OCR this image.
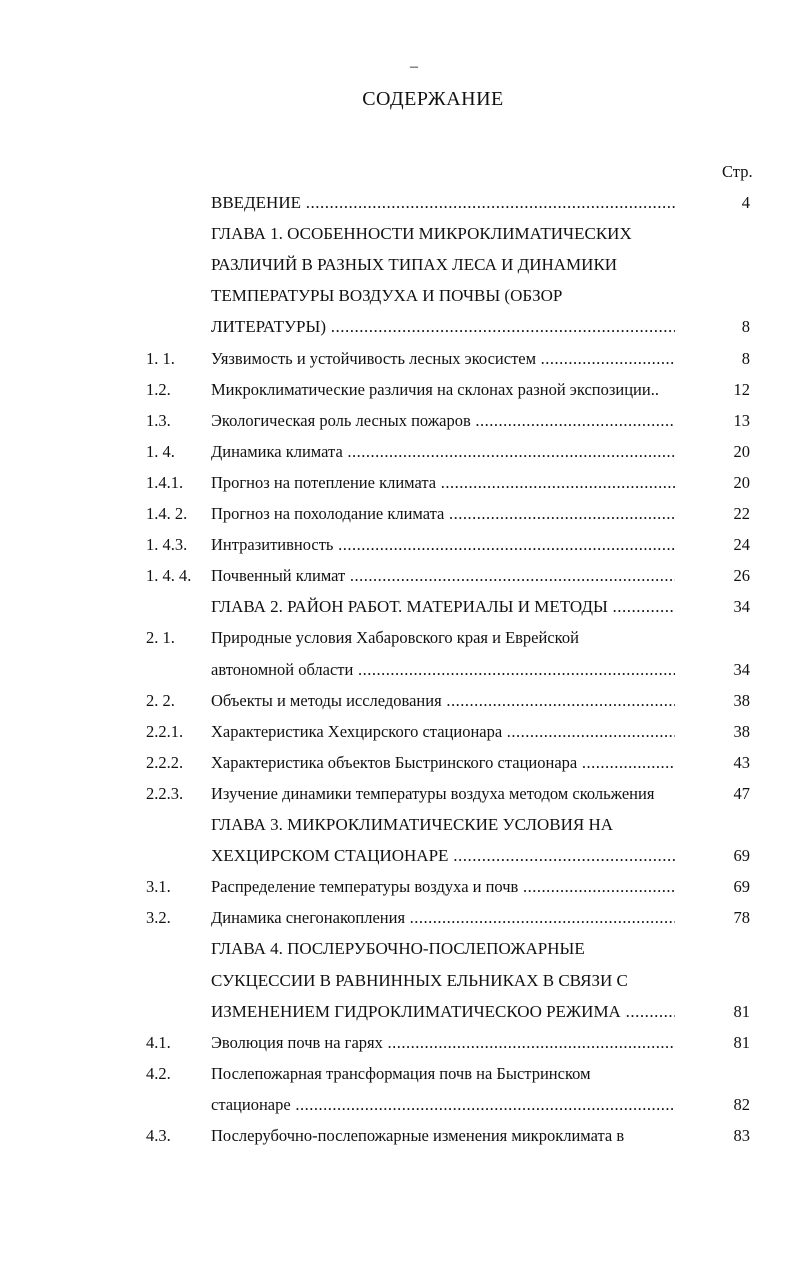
–
СОДЕРЖАНИЕ
Стр.
ВВЕДЕНИЕ .....	4
ГЛАВА 1. ОСОБЕННОСТИ МИКРОКЛИМАТИЧЕСКИХ
РАЗЛИЧИЙ В РАЗНЫХ ТИПАХ ЛЕСА И ДИНАМИКИ
ТЕМПЕРАТУРЫ ВОЗДУХА И ПОЧВЫ (ОБЗОР
ЛИТЕРАТУРЫ) .....	8
1. 1. Уязвимость и устойчивость лесных экосистем .....	8
1.2. Микроклиматические различия на склонах разной экспозиции..	12
1.3. Экологическая роль лесных пожаров .....	13
1. 4. Динамика климата .....	20
1.4.1. Прогноз на потепление климата .....	20
1.4. 2. Прогноз на похолодание климата .....	22
1. 4.3. Интразитивность .....	24
1. 4. 4. Почвенный климат .....	26
ГЛАВА 2. РАЙОН РАБОТ. МАТЕРИАЛЫ И МЕТОДЫ .....	34
2. 1. Природные условия Хабаровского края и Еврейской
автономной области .....	34
2. 2. Объекты и методы исследования .....	38
2.2.1. Характеристика Хехцирского стационара .....	38
2.2.2. Характеристика объектов Быстринского стационара .....	43
2.2.3. Изучение динамики температуры воздуха методом скольжения	47
ГЛАВА 3. МИКРОКЛИМАТИЧЕСКИЕ УСЛОВИЯ НА
ХЕХЦИРСКОМ СТАЦИОНАРЕ .....	69
3.1. Распределение температуры воздуха и почв .....	69
3.2. Динамика снегонакопления .....	78
ГЛАВА 4. ПОСЛЕРУБОЧНО-ПОСЛЕПОЖАРНЫЕ
СУКЦЕССИИ В РАВНИННЫХ ЕЛЬНИКАХ В СВЯЗИ С
ИЗМЕНЕНИЕМ ГИДРОКЛИМАТИЧЕСКОО РЕЖИМА .....	81
4.1. Эволюция почв на гарях .....	81
4.2. Послепожарная трансформация почв на Быстринском
стационаре .....	82
4.3. Послерубочно-послепожарные изменения микроклимата в	83
